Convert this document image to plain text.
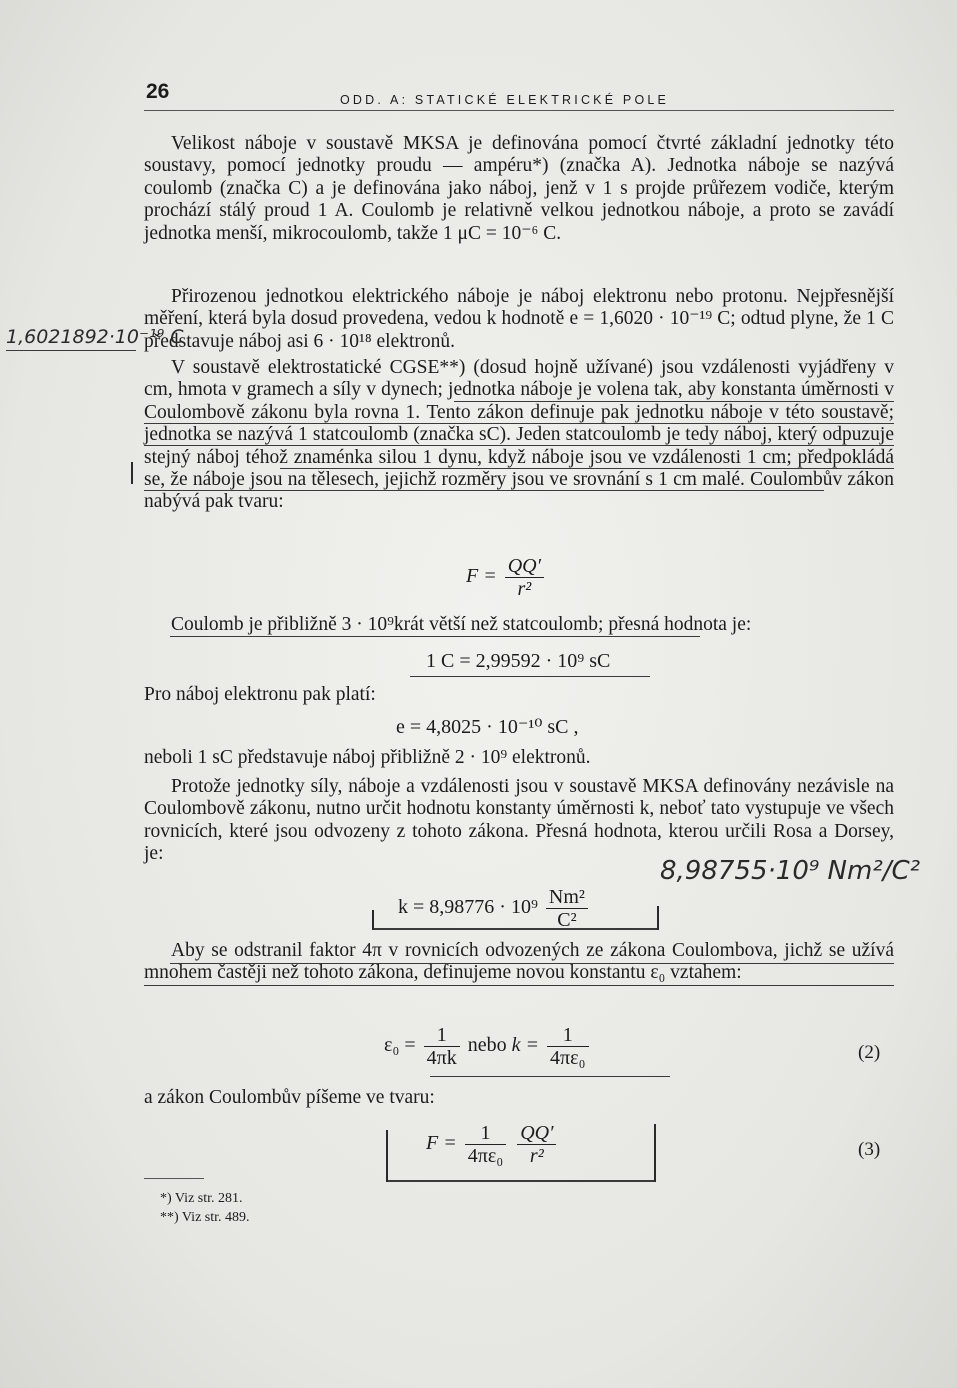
26	ODD. A: STATICKÉ ELEKTRICKÉ POLE

Velikost náboje v soustavě MKSA je definována pomocí čtvrté základní jednotky této soustavy, pomocí jednotky proudu — ampéru*) (značka A). Jednotka náboje se nazývá coulomb (značka C) a je definována jako náboj, jenž v 1 s projde průřezem vodiče, kterým prochází stálý proud 1 A. Coulomb je relativně velkou jednotkou náboje, a proto se zavádí jednotka menší, mikrocoulomb, takže 1 μC = 10⁻⁶ C.

Přirozenou jednotkou elektrického náboje je náboj elektronu nebo protonu. Nejpřesnější měření, která byla dosud provedena, vedou k hodnotě e = 1,6020 · 10⁻¹⁹ C; odtud plyne, že 1 C představuje náboj asi 6 · 10¹⁸ elektronů.

1,6021892·10⁻¹⁹ C

V soustavě elektrostatické CGSE**) (dosud hojně užívané) jsou vzdálenosti vyjádřeny v cm, hmota v gramech a síly v dynech; jednotka náboje je volena tak, aby konstanta úměrnosti v Coulombově zákonu byla rovna 1. Tento zákon definuje pak jednotku náboje v této soustavě; jednotka se nazývá 1 statcoulomb (značka sC). Jeden statcoulomb je tedy náboj, který odpuzuje stejný náboj téhož znaménka silou 1 dynu, když náboje jsou ve vzdálenosti 1 cm; předpokládá se, že náboje jsou na tělesech, jejichž rozměry jsou ve srovnání s 1 cm malé. Coulombův zákon nabývá pak tvaru:

$F = \frac{QQ'}{\text{r²}}$

Coulomb je přibližně 3 · 10⁹krát větší než statcoulomb; přesná hodnota je:

1 C = 2,99592 · 10⁹ sC

Pro náboj elektronu pak platí:

e = 4,8025 · 10⁻¹⁰ sC ,

neboli 1 sC představuje náboj přibližně 2 · 10⁹ elektronů.

Protože jednotky síly, náboje a vzdálenosti jsou v soustavě MKSA definovány nezávisle na Coulombově zákonu, nutno určit hodnotu konstanty úměrnosti k, neboť tato vystupuje ve všech rovnicích, které jsou odvozeny z tohoto zákona. Přesná hodnota, kterou určili Rosa a Dorsey, je:

8,98755·10⁹ Nm²/C²
$k = 8,98776 \cdot 10^9 \frac{\text{Nm²}}{\text{C²}}$

Aby se odstranil faktor 4π v rovnicích odvozených ze zákona Coulombova, jichž se užívá mnohem častěji než tohoto zákona, definujeme novou konstantu ε₀ vztahem:

$\varepsilon_0 = \frac{1}{4\pi k}$ nebo $k = \frac{1}{\text{4πε₀}}$	(2)

a zákon Coulombův píšeme ve tvaru:

$F = \frac{1}{\text{4πε₀}}$
$\frac{QQ'}{\text{r²}}$	(3)
*) Viz str. 281.
**) Viz str. 489.
